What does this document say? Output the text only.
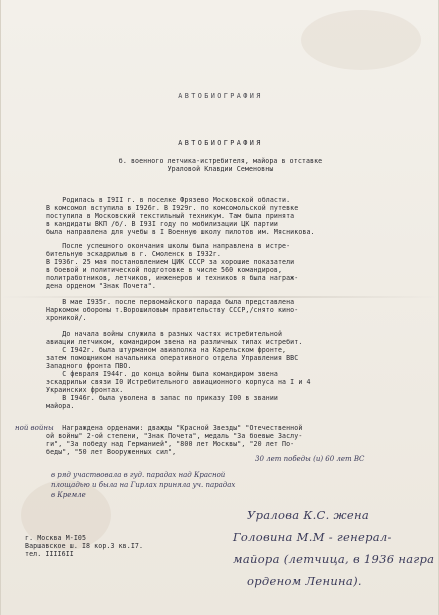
АВТОБИОГРАФИЯ
АВТОБИОГРАФИЯ
б. военного летчика-истребителя, майора в отставке
Ураловой Клавдии Семеновны
Родилась в I9II г. в поселке Фрязево Московской области.
В комсомол вступила в I926г. В I929г. по комсомольской путевке
поступила в Московский текстильный техникум. Там была принята
в кандидаты ВКП /б/. В I93I году по мобилизации ЦК партии
была направлена для учебы в I Военную школу пилотов им. Мясникова.
После успешного окончания школы была направлена в истре-
бительную эскадрилью в г. Смоленск в I932г.
В I936г. 25 мая постановлением ЦИК СССР за хорошие показатели
в боевой и политической подготовке в числе 560 командиров,
политработников, летчиков, инженеров и техников я была награж-
дена орденом "Знак Почета".
В мае I935г. после первомайского парада была представлена
Наркомом обороны т.Ворошиловым правительству СССР,/снято кино-
хроникой/.
До начала войны служила в разных частях истребительной
авиации летчиком, командиром звена на различных типах истребит.
С I942г. была штурманом авиаполка на Карельском фронте,
затем помощником начальника оперативного отдела Управления ВВС
Западного фронта ПВО.
С февраля I944г. до конца войны была командиром звена
эскадрильи связи I0 Истребительного авиационного корпуса на I и 4
Украинских фронтах.
В I946г. была уволена в запас по приказу I00 в звании
майора.
Награждена орденами: дважды "Красной Звезды" "Отечественной
ой войны" 2-ой степени, "Знак Почета", медаль "За боевые Заслу-
ги", "За победу над Германией", "800 лет Москвы", "20 лет По-
беды", "50 лет Вооруженных сил",
ной войны
30 лет победы (и) 60 лет ВС
в ряд участвовала в гуд. парадах над Красной
площадью и была на Гирлах приняла уч. парадах
в Кремле
г. Москва М-I05
Варшавское ш. I8 кор.3 кв.I7.
тел. IIII6II
Уралова К.С. жена
Головина М.М - генерал-
майора (летчица, в 1936 награ
орденом Ленина).
